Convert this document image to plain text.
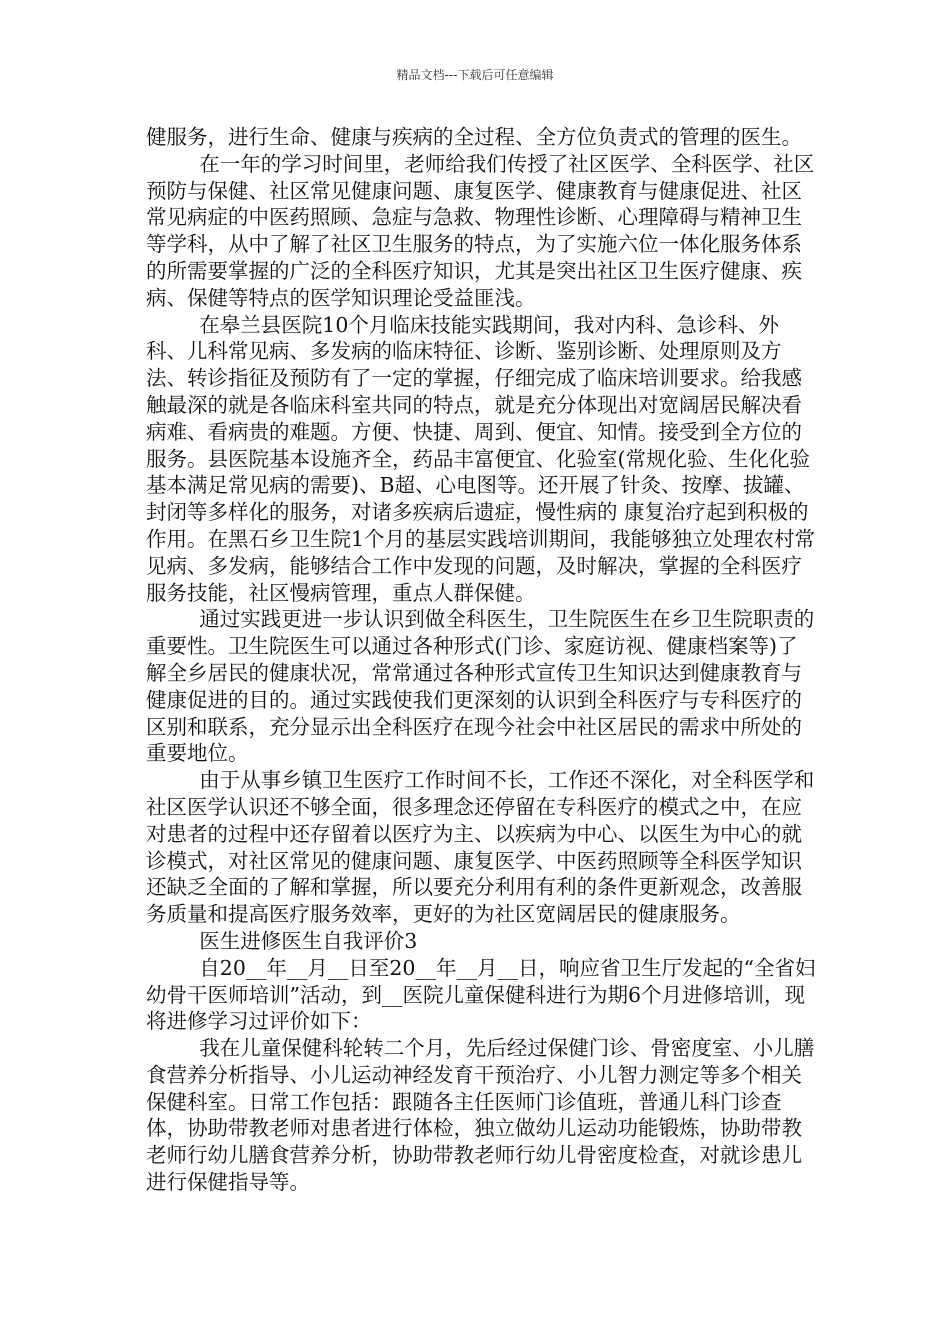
精品文档---下载后可任意编辑

健服务，进行生命、健康与疾病的全过程、全方位负责式的管理的医生。

在一年的学习时间里，老师给我们传授了社区医学、全科医学、社区预防与保健、社区常见健康问题、康复医学、健康教育与健康促进、社区常见病症的中医药照顾、急症与急救、物理性诊断、心理障碍与精神卫生等学科，从中了解了社区卫生服务的特点，为了实施六位一体化服务体系的所需要掌握的广泛的全科医疗知识，尤其是突出社区卫生医疗健康、疾病、保健等特点的医学知识理论受益匪浅。

在皋兰县医院10个月临床技能实践期间，我对内科、急诊科、外科、儿科常见病、多发病的临床特征、诊断、鉴别诊断、处理原则及方法、转诊指征及预防有了一定的掌握，仔细完成了临床培训要求。给我感触最深的就是各临床科室共同的特点，就是充分体现出对宽阔居民解决看病难、看病贵的难题。方便、快捷、周到、便宜、知情。接受到全方位的服务。县医院基本设施齐全，药品丰富便宜、化验室(常规化验、生化化验基本满足常见病的需要)、B超、心电图等。还开展了针灸、按摩、拔罐、封闭等多样化的服务，对诸多疾病后遗症，慢性病的 康复治疗起到积极的作用。在黑石乡卫生院1个月的基层实践培训期间，我能够独立处理农村常见病、多发病，能够结合工作中发现的问题，及时解决，掌握的全科医疗服务技能，社区慢病管理，重点人群保健。

通过实践更进一步认识到做全科医生，卫生院医生在乡卫生院职责的重要性。卫生院医生可以通过各种形式(门诊、家庭访视、健康档案等)了解全乡居民的健康状况，常常通过各种形式宣传卫生知识达到健康教育与健康促进的目的。通过实践使我们更深刻的认识到全科医疗与专科医疗的区别和联系，充分显示出全科医疗在现今社会中社区居民的需求中所处的重要地位。

由于从事乡镇卫生医疗工作时间不长，工作还不深化，对全科医学和社区医学认识还不够全面，很多理念还停留在专科医疗的模式之中，在应对患者的过程中还存留着以医疗为主、以疾病为中心、以医生为中心的就诊模式，对社区常见的健康问题、康复医学、中医药照顾等全科医学知识还缺乏全面的了解和掌握，所以要充分利用有利的条件更新观念，改善服务质量和提高医疗服务效率，更好的为社区宽阔居民的健康服务。

医生进修医生自我评价3

自20__年__月__日至20__年__月__日，响应省卫生厅发起的“全省妇幼骨干医师培训”活动，到__医院儿童保健科进行为期6个月进修培训，现将进修学习过评价如下：

我在儿童保健科轮转二个月，先后经过保健门诊、骨密度室、小儿膳食营养分析指导、小儿运动神经发育干预治疗、小儿智力测定等多个相关保健科室。日常工作包括：跟随各主任医师门诊值班，普通儿科门诊查体，协助带教老师对患者进行体检，独立做幼儿运动功能锻炼，协助带教老师行幼儿膳食营养分析，协助带教老师行幼儿骨密度检查，对就诊患儿进行保健指导等。
